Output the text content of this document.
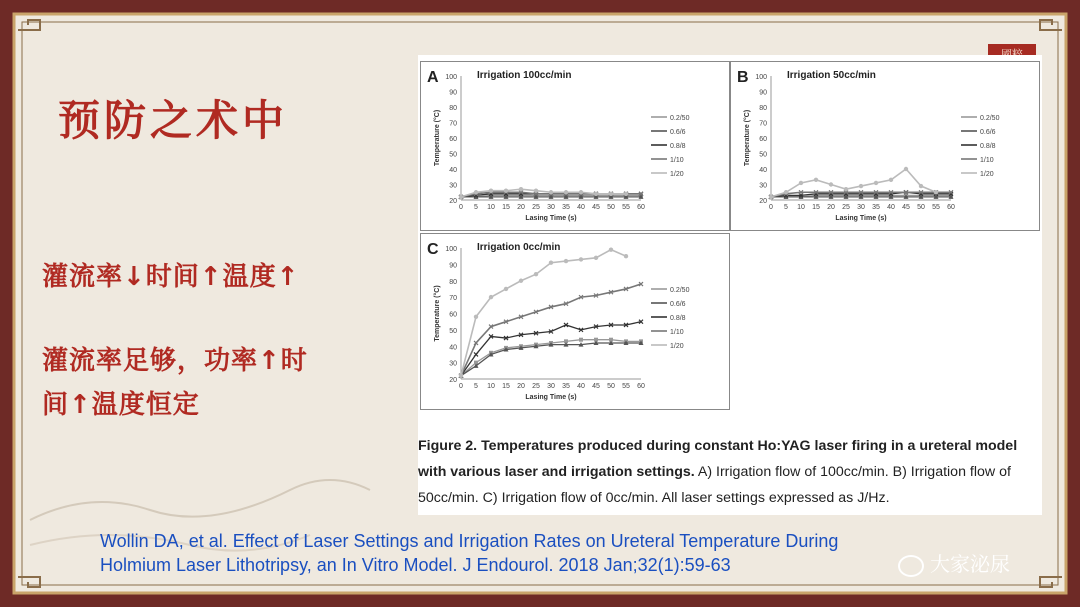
预防之术中
灌流率↓时间↑温度↑
灌流率足够，功率↑时
间↑温度恒定
A	Irrigation 100cc/min
20
30
40
50
60
70
80
90
100
0 5 10 15 20 25 30 35 40 45 50 55 60
Lasing Time (s)
Temperature (°C)	0.2/50
0.6/6
0.8/8
1/10
1/20
B	Irrigation 50cc/min
20
30
40
50
60
70
80
90
100
0 5 10 15 20 25 30 35 40 45 50 55 60
Lasing Time (s)
Temperature (°C)	0.2/50
0.6/6
0.8/8
1/10
1/20
C	Irrigation 0cc/min
20
30
40
50
60
70
80
90
100
0 5 10 15 20 25 30 35 40 45 50 55 60
Lasing Time (s)
Temperature (°C)	0.2/50
0.6/6
0.8/8
1/10
1/20
Figure 2. Temperatures produced during constant Ho:YAG laser firing in a ureteral model with various laser and irrigation settings. A) Irrigation flow of 100cc/min. B) Irrigation flow of 50cc/min. C) Irrigation flow of 0cc/min. All laser settings expressed as J/Hz.
Wollin DA, et al. Effect of Laser Settings and Irrigation Rates on Ureteral Temperature During
Holmium Laser Lithotripsy, an In Vitro Model. J Endourol. 2018 Jan;32(1):59-63	大家泌尿
